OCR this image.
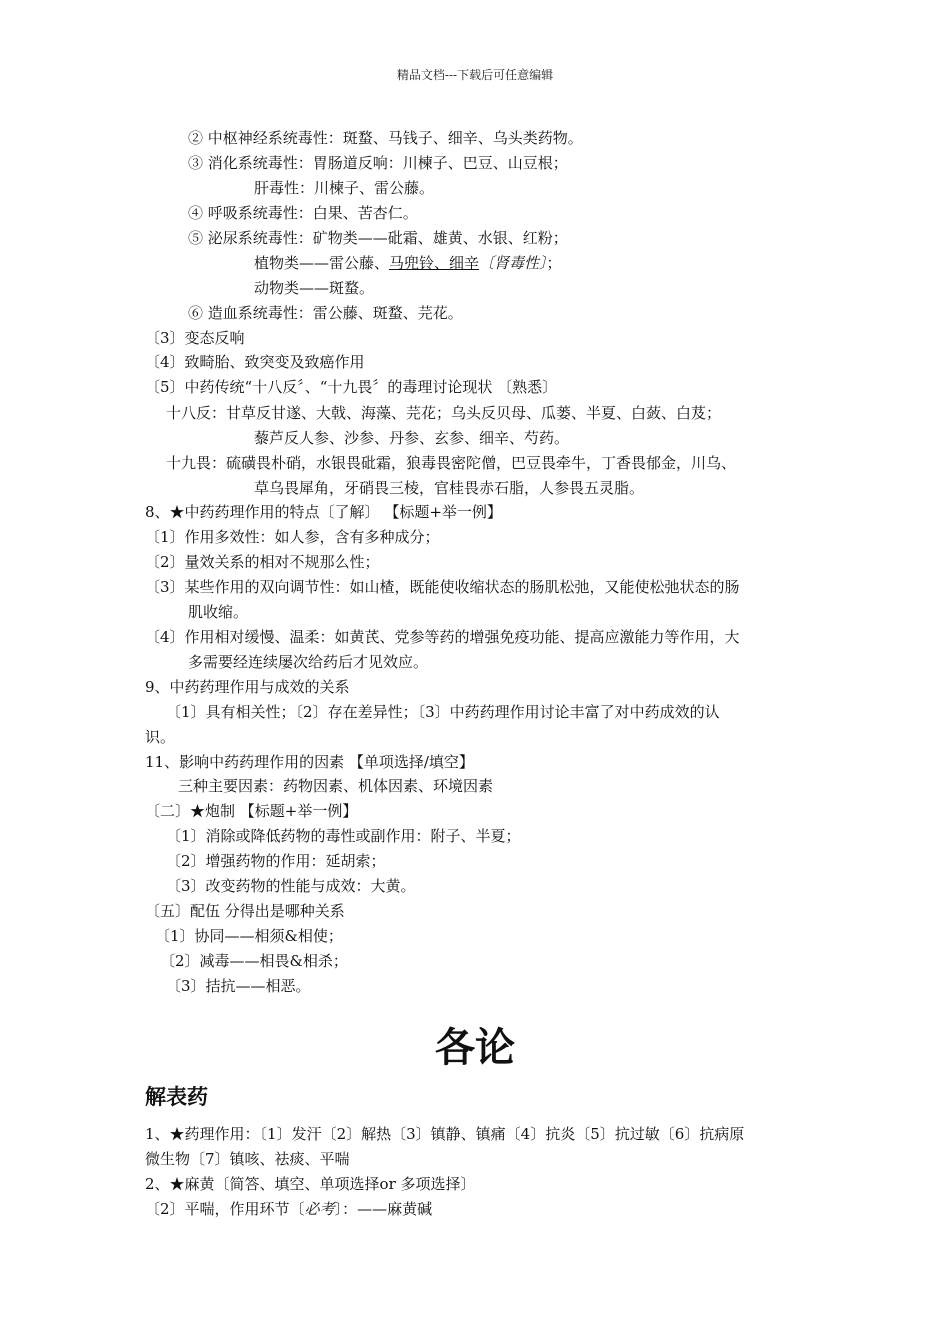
精品文档---下载后可任意编辑
② 中枢神经系统毒性：斑蝥、马钱子、细辛、乌头类药物。
③ 消化系统毒性：胃肠道反响：川楝子、巴豆、山豆根；
肝毒性：川楝子、雷公藤。
④ 呼吸系统毒性：白果、苦杏仁。
⑤ 泌尿系统毒性：矿物类——砒霜、雄黄、水银、红粉；
植物类——雷公藤、马兜铃、细辛〔肾毒性〕；
动物类——斑蝥。
⑥ 造血系统毒性：雷公藤、斑蝥、芫花。
〔3〕变态反响
〔4〕致畸胎、致突变及致癌作用
〔5〕中药传统“十八反〞、“十九畏〞的毒理讨论现状 〔熟悉〕
十八反：甘草反甘遂、大戟、海藻、芫花；乌头反贝母、瓜蒌、半夏、白蔹、白芨；
藜芦反人参、沙参、丹参、玄参、细辛、芍药。
十九畏：硫磺畏朴硝，水银畏砒霜，狼毒畏密陀僧，巴豆畏牵牛，丁香畏郁金，川乌、
草乌畏犀角，牙硝畏三棱，官桂畏赤石脂，人参畏五灵脂。
8、★中药药理作用的特点〔了解〕 【标题+举一例】
〔1〕作用多效性：如人参，含有多种成分；
〔2〕量效关系的相对不规那么性；
〔3〕某些作用的双向调节性：如山楂，既能使收缩状态的肠肌松弛，又能使松弛状态的肠
肌收缩。
〔4〕作用相对缓慢、温柔：如黄芪、党参等药的增强免疫功能、提高应激能力等作用，大
多需要经连续屡次给药后才见效应。
9、中药药理作用与成效的关系
〔1〕具有相关性；〔2〕存在差异性；〔3〕中药药理作用讨论丰富了对中药成效的认
识。
11、影响中药药理作用的因素 【单项选择/填空】
三种主要因素：药物因素、机体因素、环境因素
〔二〕★炮制 【标题+举一例】
〔1〕消除或降低药物的毒性或副作用：附子、半夏；
〔2〕增强药物的作用：延胡索；
〔3〕改变药物的性能与成效：大黄。
〔五〕配伍 分得出是哪种关系
〔1〕协同——相须&相使；
〔2〕减毒——相畏&相杀；
〔3〕拮抗——相恶。
各论
解表药
1、★药理作用：〔1〕发汗〔2〕解热〔3〕镇静、镇痛〔4〕抗炎〔5〕抗过敏〔6〕抗病原
微生物〔7〕镇咳、祛痰、平喘
2、★麻黄〔简答、填空、单项选择or 多项选择〕
〔2〕平喘，作用环节〔必考〕：——麻黄碱
